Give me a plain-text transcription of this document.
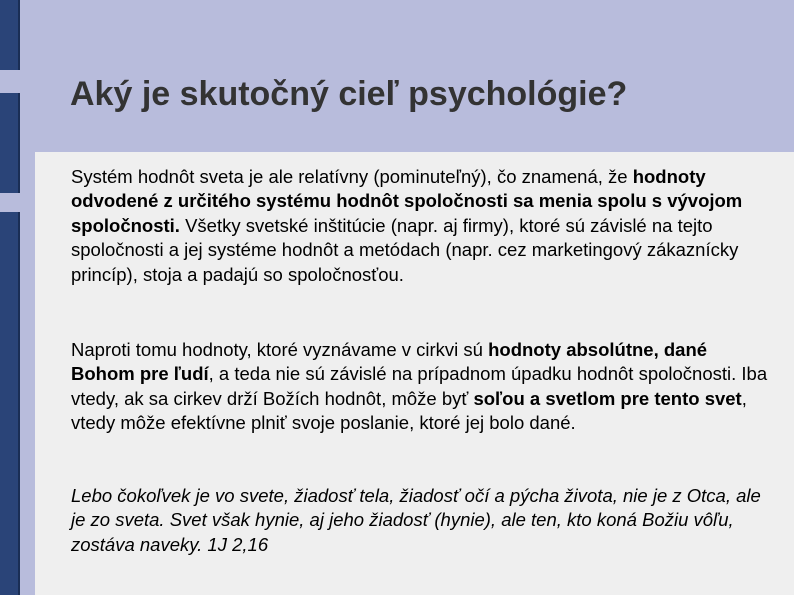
Aký je skutočný cieľ psychológie?

Systém hodnôt sveta je ale relatívny (pominuteľný), čo znamená, že hodnoty odvodené z určitého systému hodnôt spoločnosti sa menia spolu s vývojom spoločnosti. Všetky svetské inštitúcie (napr. aj firmy), ktoré sú závislé na tejto spoločnosti a jej systéme hodnôt a metódach (napr. cez marketingový zákaznícky princíp), stoja a padajú so spoločnosťou.

Naproti tomu hodnoty, ktoré vyznávame v cirkvi sú hodnoty absolútne, dané Bohom pre ľudí, a teda nie sú závislé na prípadnom úpadku hodnôt spoločnosti. Iba vtedy, ak sa cirkev drží Božích hodnôt, môže byť soľou a svetlom pre tento svet, vtedy môže efektívne plniť svoje poslanie, ktoré jej bolo dané.

Lebo čokoľvek je vo svete, žiadosť tela, žiadosť očí a pýcha života, nie je z Otca, ale je zo sveta. Svet však hynie, aj jeho žiadosť (hynie), ale ten, kto koná Božiu vôľu, zostáva naveky. 1J 2,16
